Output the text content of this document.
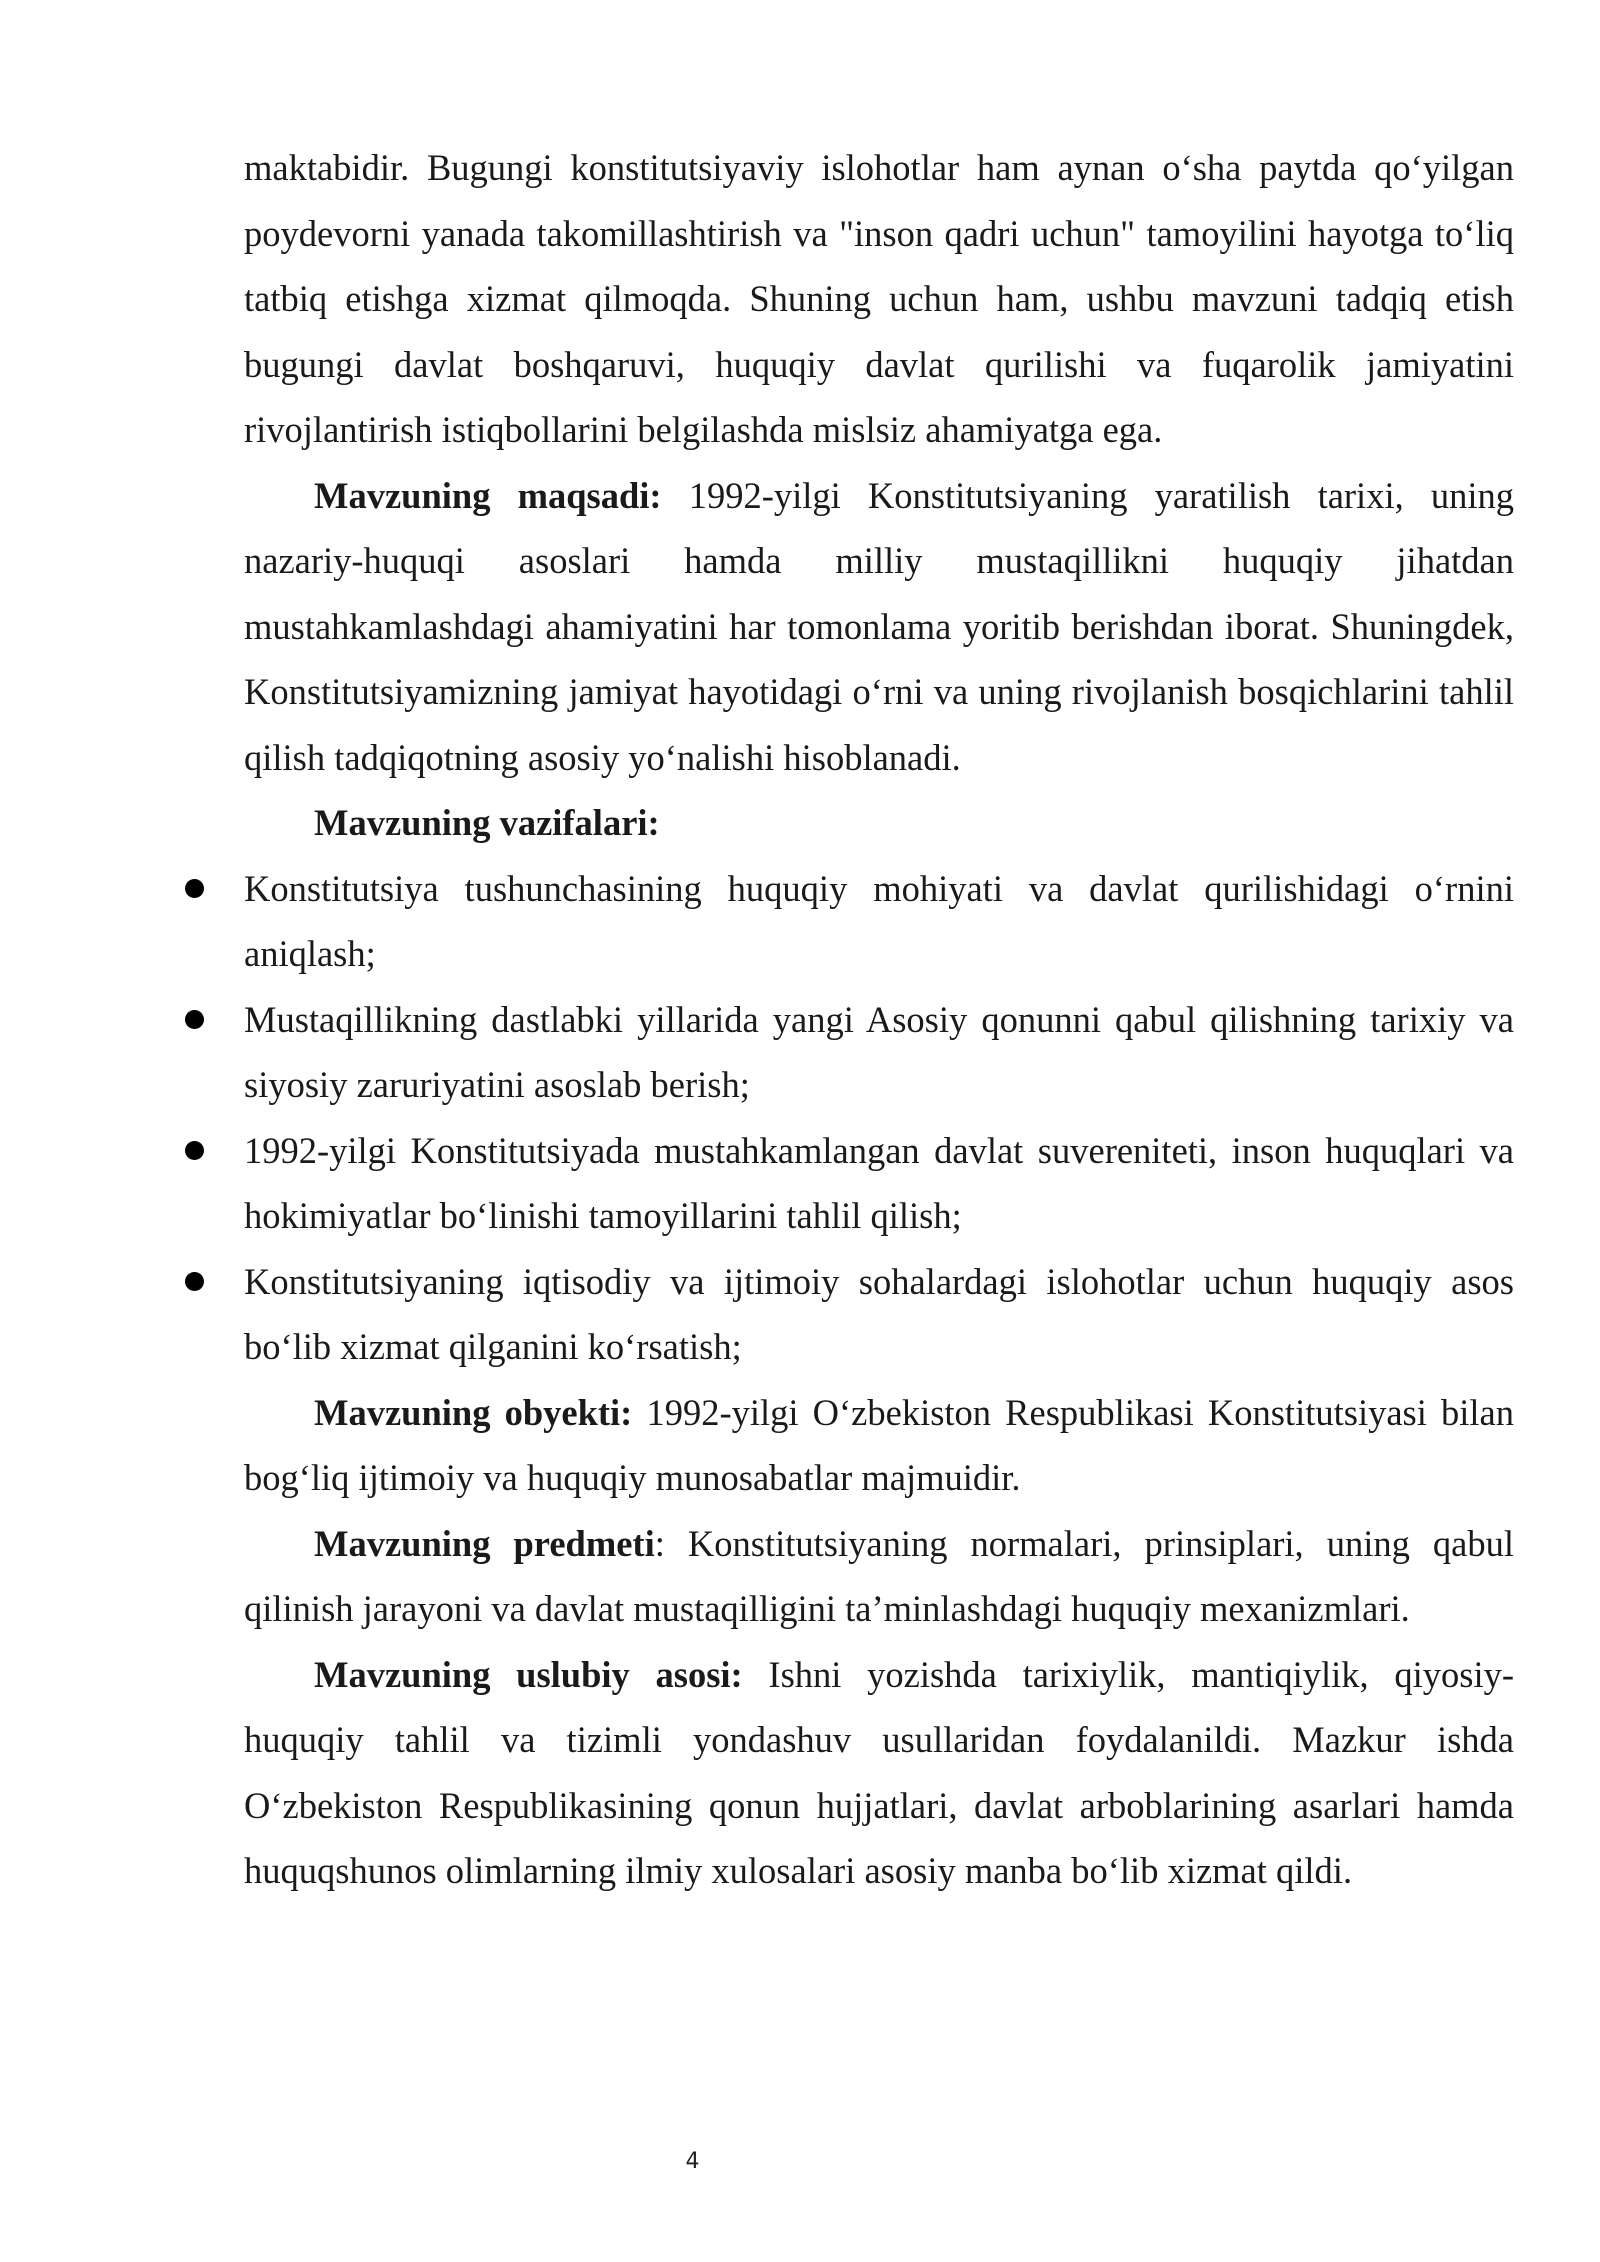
maktabidir. Bugungi konstitutsiyaviy islohotlar ham aynan o‘sha paytda qo‘yilgan poydevorni yanada takomillashtirish va "inson qadri uchun" tamoyilini hayotga to‘liq tatbiq etishga xizmat qilmoqda. Shuning uchun ham, ushbu mavzuni tadqiq etish bugungi davlat boshqaruvi, huquqiy davlat qurilishi va fuqarolik jamiyatini rivojlantirish istiqbollarini belgilashda mislsiz ahamiyatga ega.

Mavzuning maqsadi: 1992-yilgi Konstitutsiyaning yaratilish tarixi, uning nazariy-huquqi asoslari hamda milliy mustaqillikni huquqiy jihatdan mustahkamlashdagi ahamiyatini har tomonlama yoritib berishdan iborat. Shuningdek, Konstitutsiyamizning jamiyat hayotidagi o‘rni va uning rivojlanish bosqichlarini tahlil qilish tadqiqotning asosiy yo‘nalishi hisoblanadi.

Mavzuning vazifalari:

Konstitutsiya tushunchasining huquqiy mohiyati va davlat qurilishidagi o‘rnini aniqlash;
Mustaqillikning dastlabki yillarida yangi Asosiy qonunni qabul qilishning tarixiy va siyosiy zaruriyatini asoslab berish;
1992-yilgi Konstitutsiyada mustahkamlangan davlat suvereniteti, inson huquqlari va hokimiyatlar bo‘linishi tamoyillarini tahlil qilish;
Konstitutsiyaning iqtisodiy va ijtimoiy sohalardagi islohotlar uchun huquqiy asos bo‘lib xizmat qilganini ko‘rsatish;

Mavzuning obyekti: 1992-yilgi O‘zbekiston Respublikasi Konstitutsiyasi bilan bog‘liq ijtimoiy va huquqiy munosabatlar majmuidir.

Mavzuning predmeti: Konstitutsiyaning normalari, prinsiplari, uning qabul qilinish jarayoni va davlat mustaqilligini ta’minlashdagi huquqiy mexanizmlari.

Mavzuning uslubiy asosi: Ishni yozishda tarixiylik, mantiqiylik, qiyosiy-huquqiy tahlil va tizimli yondashuv usullaridan foydalanildi. Mazkur ishda O‘zbekiston Respublikasining qonun hujjatlari, davlat arboblarining asarlari hamda huquqshunos olimlarning ilmiy xulosalari asosiy manba bo‘lib xizmat qildi.

4
